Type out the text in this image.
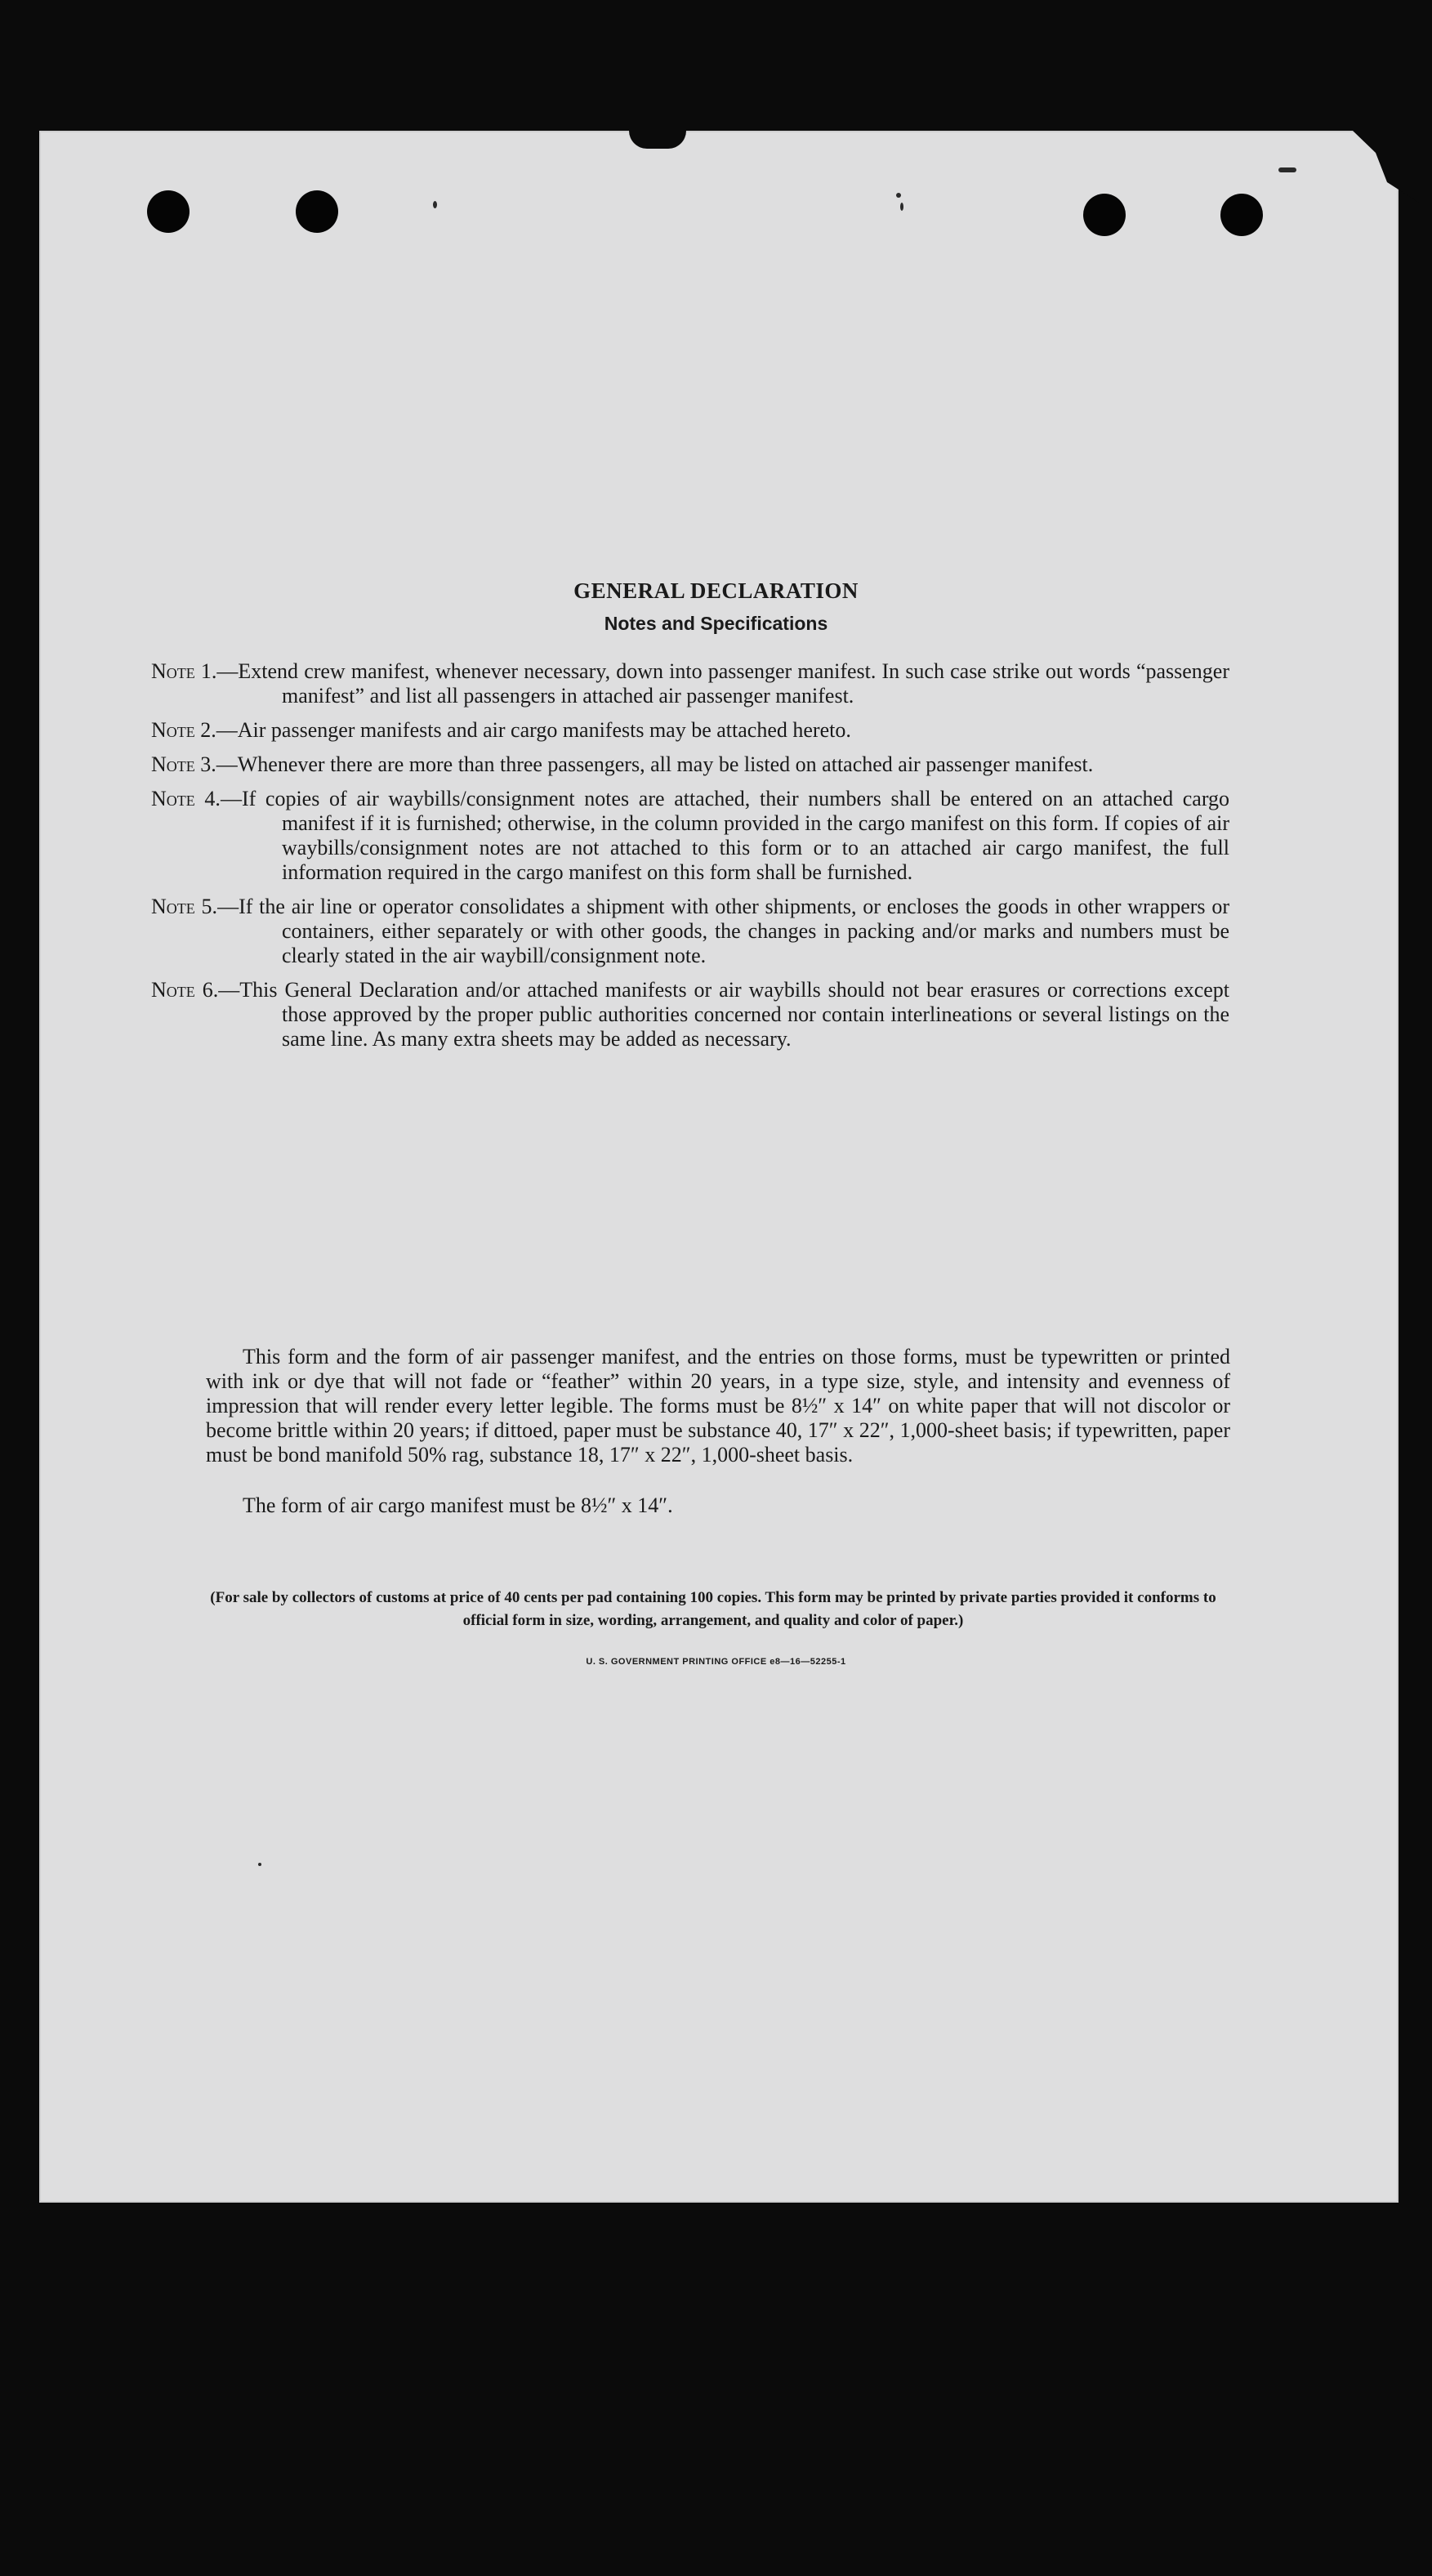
GENERAL DECLARATION
Notes and Specifications
Note 1.—Extend crew manifest, whenever necessary, down into passenger manifest. In such case strike out words “passenger manifest” and list all passengers in attached air passenger manifest.
Note 2.—Air passenger manifests and air cargo manifests may be attached hereto.
Note 3.—Whenever there are more than three passengers, all may be listed on attached air passenger manifest.
Note 4.—If copies of air waybills/consignment notes are attached, their numbers shall be entered on an attached cargo manifest if it is furnished; otherwise, in the column provided in the cargo manifest on this form. If copies of air waybills/consignment notes are not attached to this form or to an attached air cargo manifest, the full information required in the cargo manifest on this form shall be furnished.
Note 5.—If the air line or operator consolidates a shipment with other shipments, or encloses the goods in other wrappers or containers, either separately or with other goods, the changes in packing and/or marks and numbers must be clearly stated in the air waybill/consignment note.
Note 6.—This General Declaration and/or attached manifests or air waybills should not bear erasures or corrections except those approved by the proper public authorities concerned nor contain interlineations or several listings on the same line. As many extra sheets may be added as necessary.
This form and the form of air passenger manifest, and the entries on those forms, must be typewritten or printed with ink or dye that will not fade or “feather” within 20 years, in a type size, style, and intensity and evenness of impression that will render every letter legible. The forms must be 8½″ x 14″ on white paper that will not discolor or become brittle within 20 years; if dittoed, paper must be substance 40, 17″ x 22″, 1,000-sheet basis; if typewritten, paper must be bond manifold 50% rag, substance 18, 17″ x 22″, 1,000-sheet basis.
The form of air cargo manifest must be 8½″ x 14″.
(For sale by collectors of customs at price of 40 cents per pad containing 100 copies. This form may be printed by private parties provided it conforms to official form in size, wording, arrangement, and quality and color of paper.)
U. S. GOVERNMENT PRINTING OFFICE e8—16—52255-1
